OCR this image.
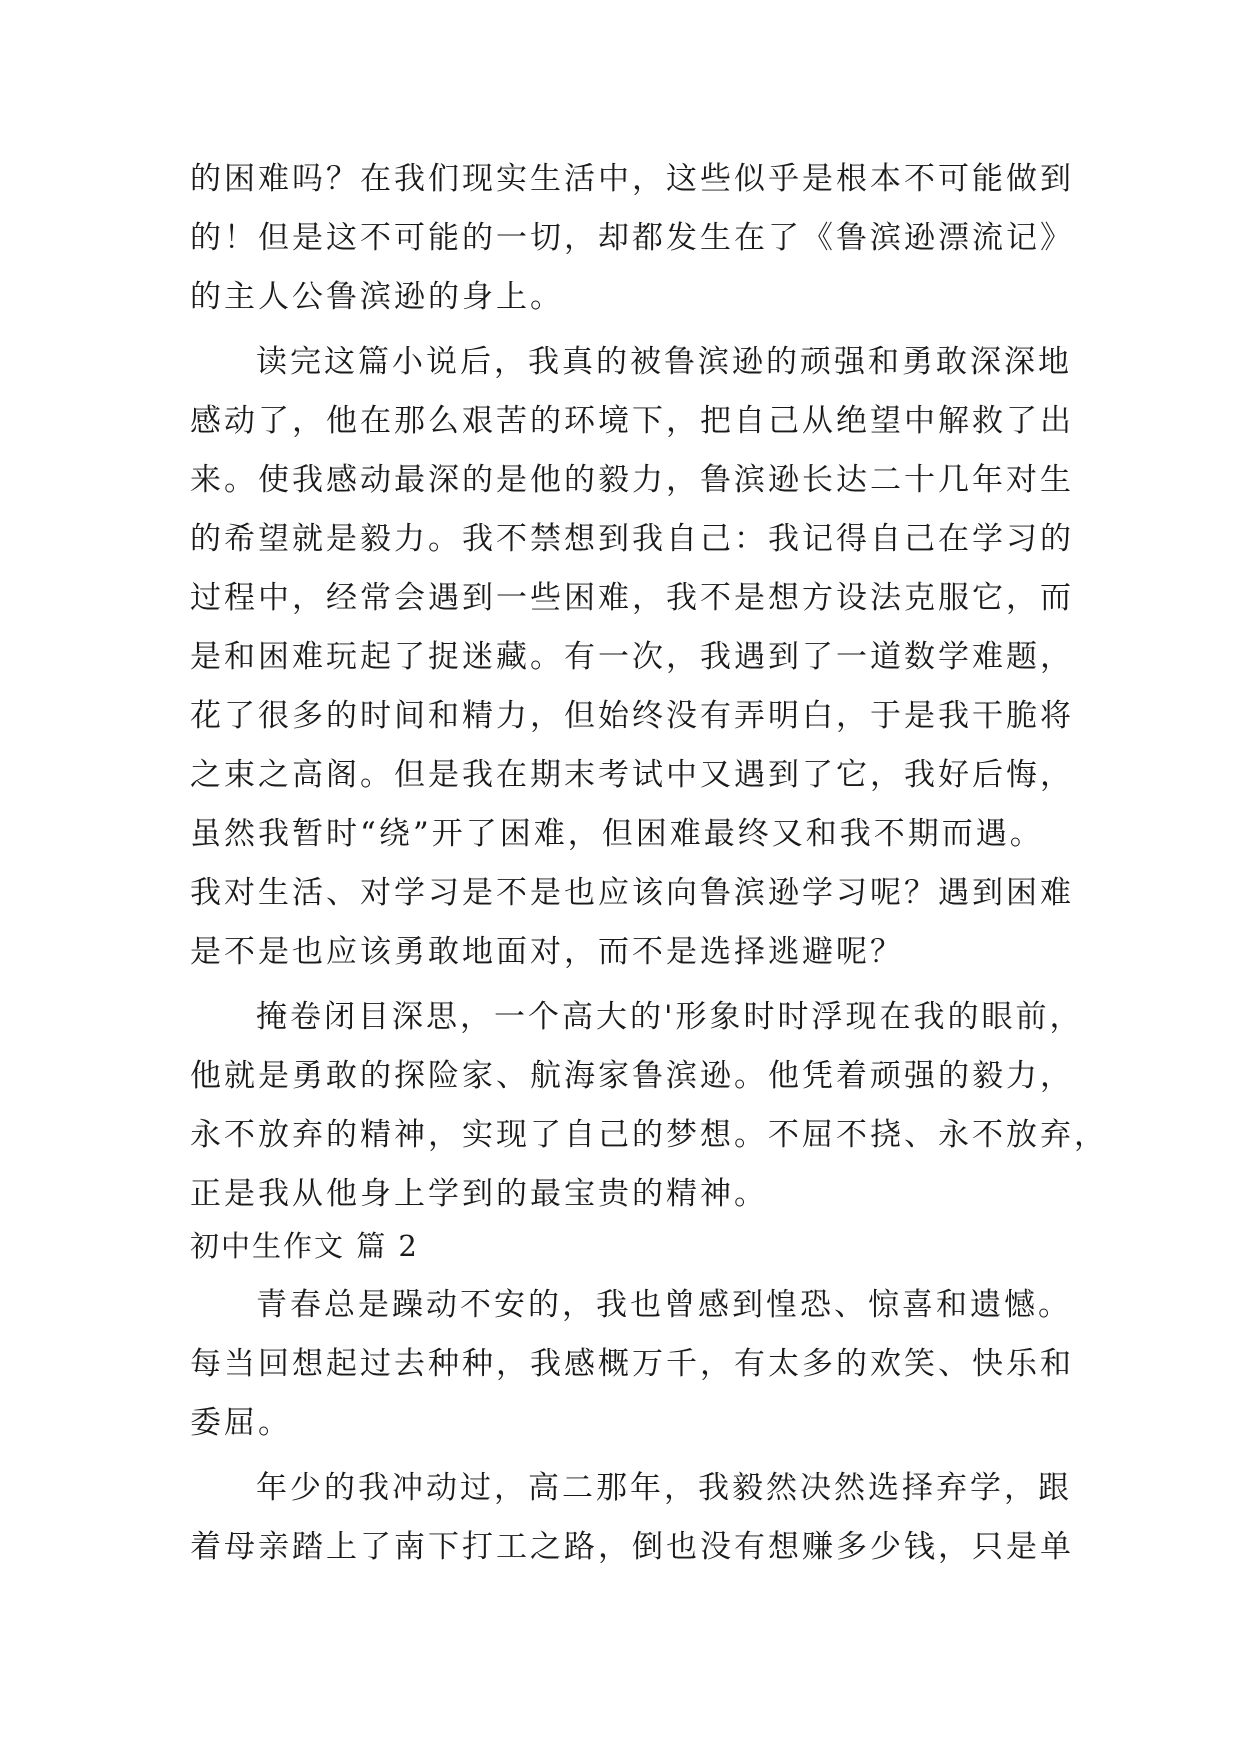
的困难吗？在我们现实生活中，这些似乎是根本不可能做到
的！但是这不可能的一切，却都发生在了《鲁滨逊漂流记》
的主人公鲁滨逊的身上。
读完这篇小说后，我真的被鲁滨逊的顽强和勇敢深深地
感动了，他在那么艰苦的环境下，把自己从绝望中解救了出
来。使我感动最深的是他的毅力，鲁滨逊长达二十几年对生
的希望就是毅力。我不禁想到我自己：我记得自己在学习的
过程中，经常会遇到一些困难，我不是想方设法克服它，而
是和困难玩起了捉迷藏。有一次，我遇到了一道数学难题，
花了很多的时间和精力，但始终没有弄明白，于是我干脆将
之束之高阁。但是我在期末考试中又遇到了它，我好后悔，
虽然我暂时“绕”开了困难，但困难最终又和我不期而遇。
我对生活、对学习是不是也应该向鲁滨逊学习呢？遇到困难
是不是也应该勇敢地面对，而不是选择逃避呢？
掩卷闭目深思，一个高大的'形象时时浮现在我的眼前，
他就是勇敢的探险家、航海家鲁滨逊。他凭着顽强的毅力，
永不放弃的精神，实现了自己的梦想。不屈不挠、永不放弃，
正是我从他身上学到的最宝贵的精神。
初中生作文 篇 2
青春总是躁动不安的，我也曾感到惶恐、惊喜和遗憾。
每当回想起过去种种，我感概万千，有太多的欢笑、快乐和
委屈。
年少的我冲动过，高二那年，我毅然决然选择弃学，跟
着母亲踏上了南下打工之路，倒也没有想赚多少钱，只是单
